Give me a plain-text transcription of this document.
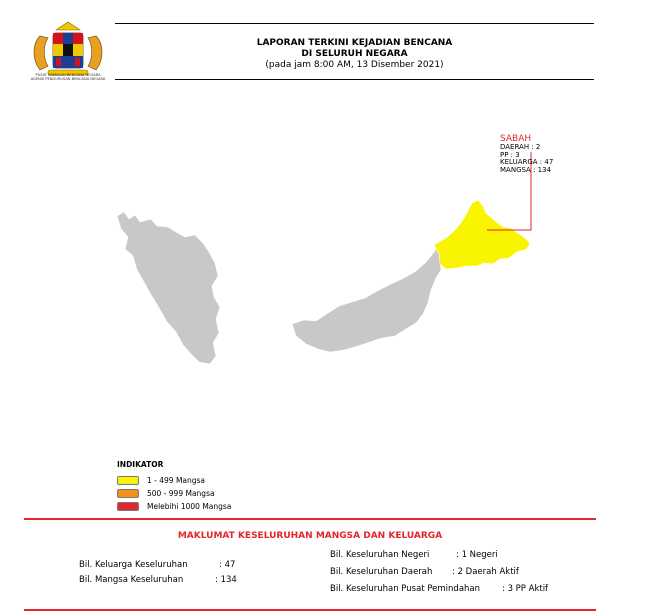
PUSAT KAWALAN BENCANA NEGARA
AGENSI PENGURUSAN BENCANA NEGARA
LAPORAN TERKINI KEJADIAN BENCANA
DI SELURUH NEGARA
(pada jam 8:00 AM, 13 Disember 2021)
SABAH
DAERAH : 2
PP : 3
KELUARGA : 47
MANGSA : 134
INDIKATOR
1 - 499 Mangsa
500 - 999 Mangsa
Melebihi 1000 Mangsa
MAKLUMAT KESELURUHAN MANGSA DAN KELUARGA
Bil. Keluarga Keseluruhan	: 47
Bil. Mangsa Keseluruhan	: 134
Bil. Keseluruhan Negeri	: 1 Negeri
Bil. Keseluruhan Daerah : 2 Daerah Aktif
Bil. Keseluruhan Pusat Pemindahan	: 3 PP Aktif
